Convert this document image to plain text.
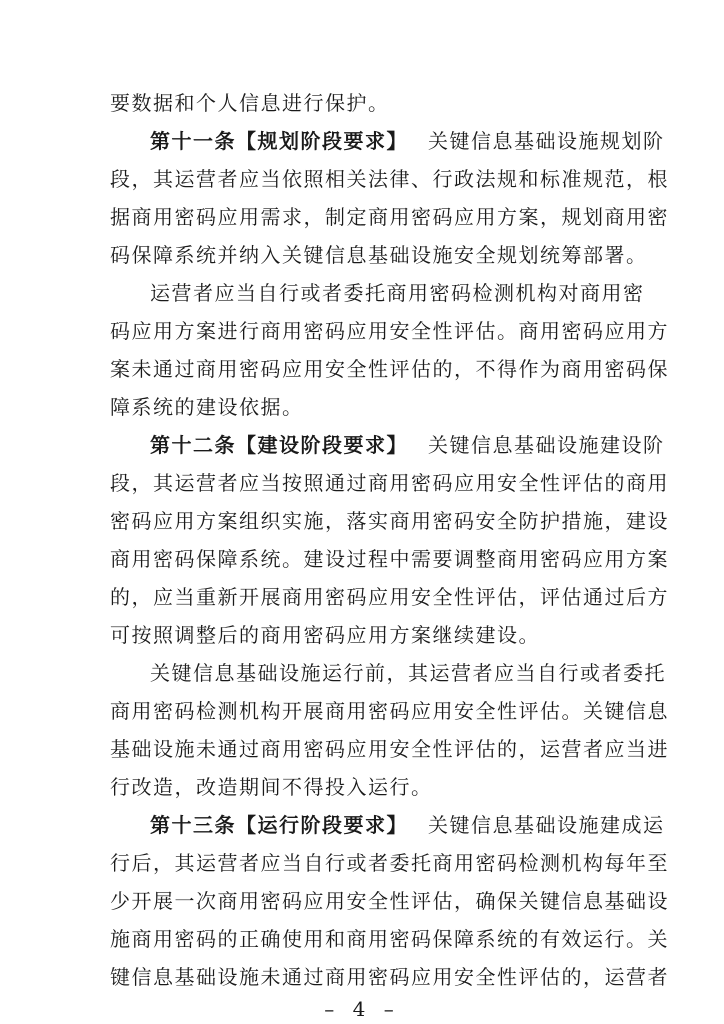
要数据和个人信息进行保护。
第十一条【规划阶段要求】 关键信息基础设施规划阶
段，其运营者应当依照相关法律、行政法规和标准规范，根
据商用密码应用需求，制定商用密码应用方案，规划商用密
码保障系统并纳入关键信息基础设施安全规划统筹部署。
运营者应当自行或者委托商用密码检测机构对商用密
码应用方案进行商用密码应用安全性评估。商用密码应用方
案未通过商用密码应用安全性评估的，不得作为商用密码保
障系统的建设依据。
第十二条【建设阶段要求】 关键信息基础设施建设阶
段，其运营者应当按照通过商用密码应用安全性评估的商用
密码应用方案组织实施，落实商用密码安全防护措施，建设
商用密码保障系统。建设过程中需要调整商用密码应用方案
的，应当重新开展商用密码应用安全性评估，评估通过后方
可按照调整后的商用密码应用方案继续建设。
关键信息基础设施运行前，其运营者应当自行或者委托
商用密码检测机构开展商用密码应用安全性评估。关键信息
基础设施未通过商用密码应用安全性评估的，运营者应当进
行改造，改造期间不得投入运行。
第十三条【运行阶段要求】 关键信息基础设施建成运
行后，其运营者应当自行或者委托商用密码检测机构每年至
少开展一次商用密码应用安全性评估，确保关键信息基础设
施商用密码的正确使用和商用密码保障系统的有效运行。关
键信息基础设施未通过商用密码应用安全性评估的，运营者
– 4 –
